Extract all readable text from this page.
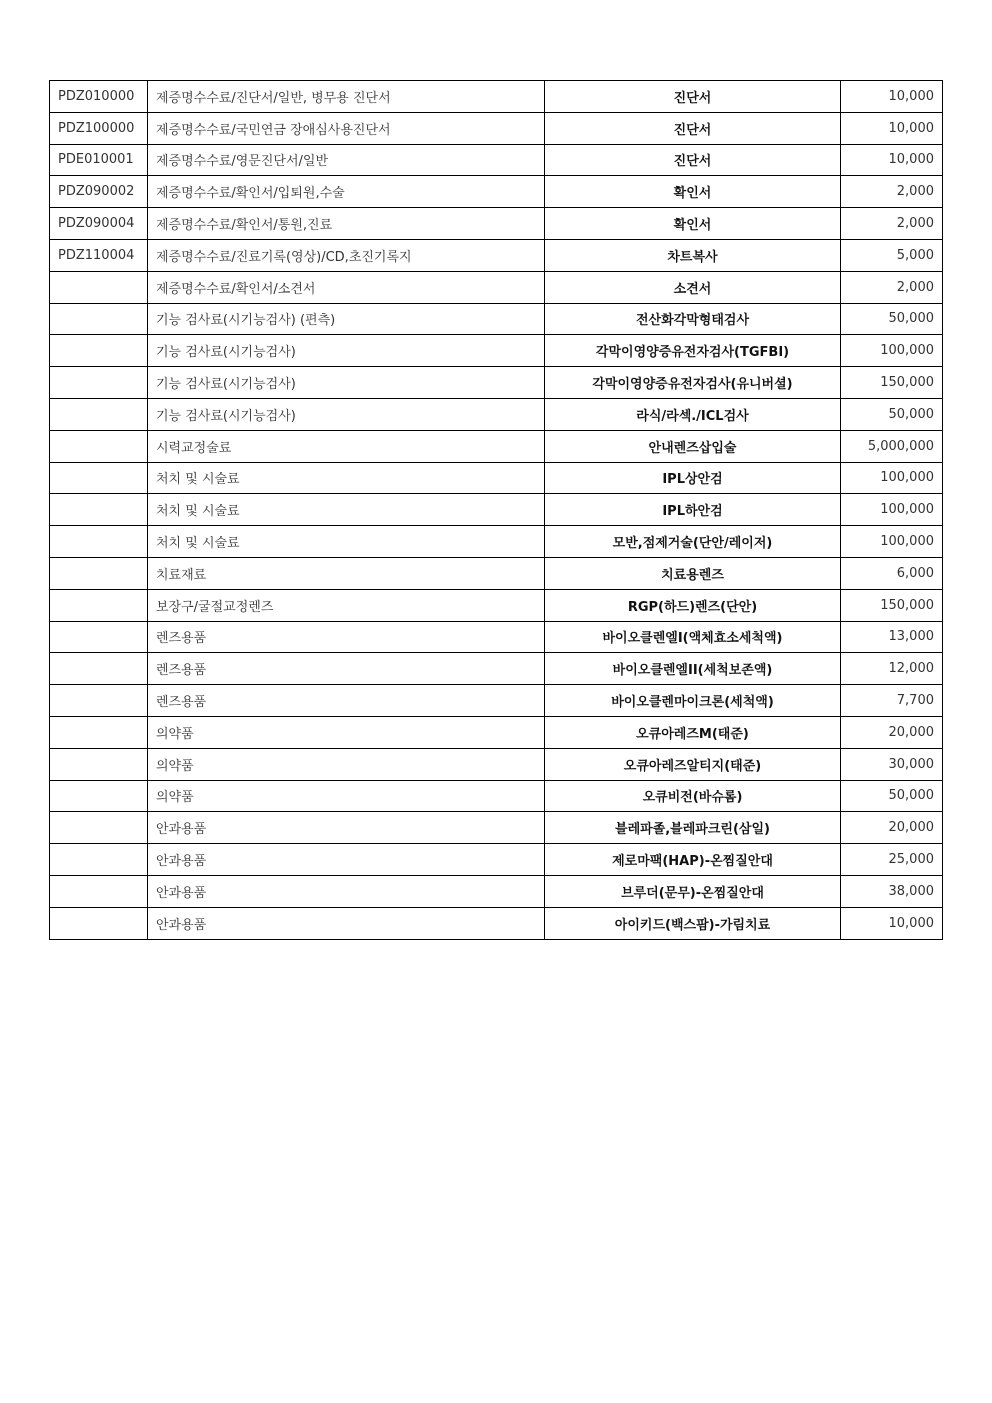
PDZ010000	제증명수수료/진단서/일반, 병무용 진단서	진단서	10,000
PDZ100000	제증명수수료/국민연금 장애심사용진단서	진단서	10,000
PDE010001	제증명수수료/영문진단서/일반	진단서	10,000
PDZ090002	제증명수수료/확인서/입퇴원,수술	확인서	2,000
PDZ090004	제증명수수료/확인서/통원,진료	확인서	2,000
PDZ110004	제증명수수료/진료기록(영상)/CD,초진기록지	차트복사	5,000
	제증명수수료/확인서/소견서	소견서	2,000
	기능 검사료(시기능검사) (편측)	전산화각막형태검사	50,000
	기능 검사료(시기능검사)	각막이영양증유전자검사(TGFBI)	100,000
	기능 검사료(시기능검사)	각막이영양증유전자검사(유니버셜)	150,000
	기능 검사료(시기능검사)	라식/라섹./ICL검사	50,000
	시력교정술료	안내렌즈삽입술	5,000,000
	처치 및 시술료	IPL상안검	100,000
	처치 및 시술료	IPL하안검	100,000
	처치 및 시술료	모반,점제거술(단안/레이저)	100,000
	치료재료	치료용렌즈	6,000
	보장구/굴절교정렌즈	RGP(하드)렌즈(단안)	150,000
	렌즈용품	바이오클렌엘I(액체효소세척액)	13,000
	렌즈용품	바이오클렌엘II(세척보존액)	12,000
	렌즈용품	바이오클렌마이크론(세척액)	7,700
	의약품	오큐아레즈M(태준)	20,000
	의약품	오큐아레즈알티지(태준)	30,000
	의약품	오큐비전(바슈롬)	50,000
	안과용품	블레파졸,블레파크린(삼일)	20,000
	안과용품	제로마팩(HAP)-온찜질안대	25,000
	안과용품	브루더(문무)-온찜질안대	38,000
	안과용품	아이키드(백스팜)-가림치료	10,000
